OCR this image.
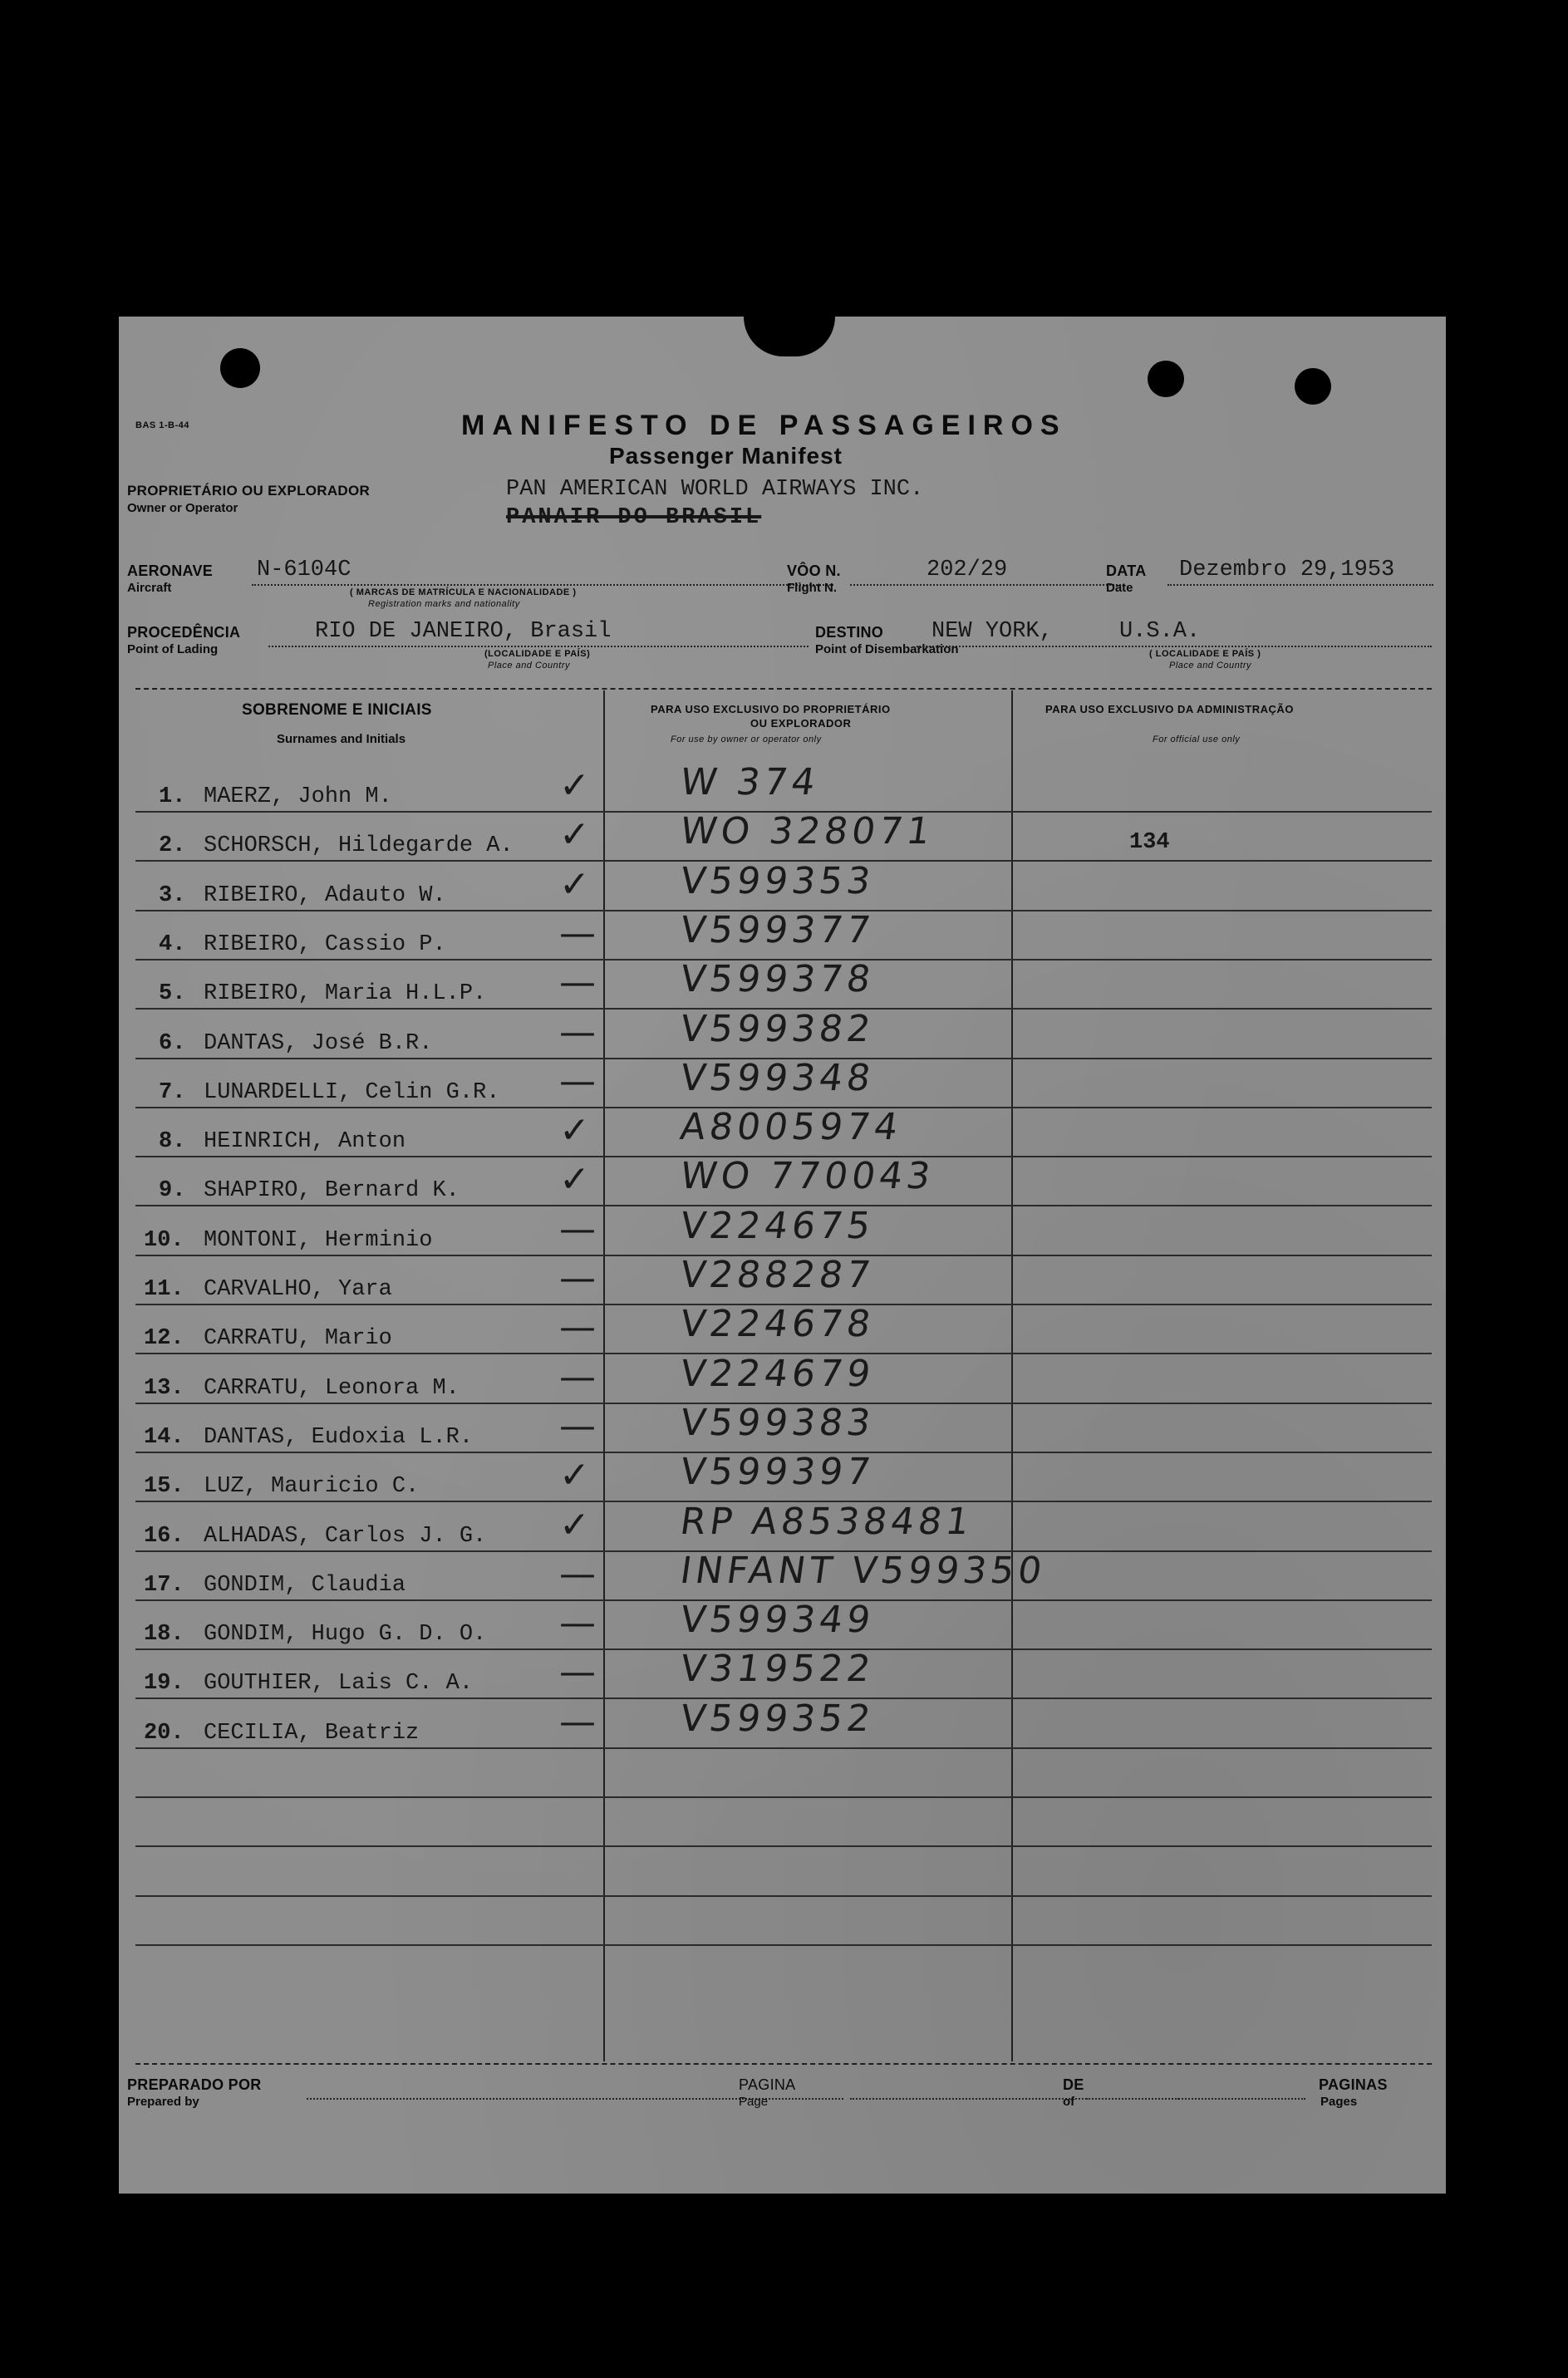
BAS 1-B-44	MANIFESTO DE PASSAGEIROS
Passenger Manifest
PROPRIETÁRIO OU EXPLORADOR
Owner or Operator
PAN AMERICAN WORLD AIRWAYS INC.
PANAIR DO BRASIL
AERONAVE
Aircraft
N-6104C
( MARCAS DE MATRÍCULA E NACIONALIDADE )
Registration marks and nationality
VÔO N.
Flight N.
202/29	DATA
Date
Dezembro 29,1953
PROCEDÊNCIA
Point of Lading
RIO DE JANEIRO, Brasil
(LOCALIDADE E PAÍS)
Place and Country
DESTINO
Point of Disembarkation
NEW YORK,	U.S.A.
( LOCALIDADE E PAÍS )
Place and Country
SOBRENOME E INICIAIS
Surnames and Initials
PARA USO EXCLUSIVO DO PROPRIETÁRIO
OU EXPLORADOR
For use by owner or operator only
PARA USO EXCLUSIVO DA ADMINISTRAÇÃO
For official use only
1. MAERZ, John M.	✓ W 374
2. SCHORSCH, Hildegarde A. ✓ WO 328071	134
3. RIBEIRO, Adauto W.	✓ V599353
4. RIBEIRO, Cassio P.	— V599377
5. RIBEIRO, Maria H.L.P. — V599378
6. DANTAS, José B.R.	— V599382
7. LUNARDELLI, Celin G.R. — V599348
8. HEINRICH, Anton	✓ A8005974
9. SHAPIRO, Bernard K.	✓ WO 770043
10. MONTONI, Herminio	— V224675
11. CARVALHO, Yara	— V288287
12. CARRATU, Mario	— V224678
13. CARRATU, Leonora M.	— V224679
14. DANTAS, Eudoxia L.R. — V599383
15. LUZ, Mauricio C.	✓ V599397
16. ALHADAS, Carlos J. G. ✓ RP A8538481
17. GONDIM, Claudia	— INFANT V599350
18. GONDIM, Hugo G. D. O. — V599349
19. GOUTHIER, Lais C. A. — V319522
20. CECILIA, Beatriz	— V599352
PREPARADO POR
Prepared by
PAGINA
Page
DE
of
PAGINAS
Pages
